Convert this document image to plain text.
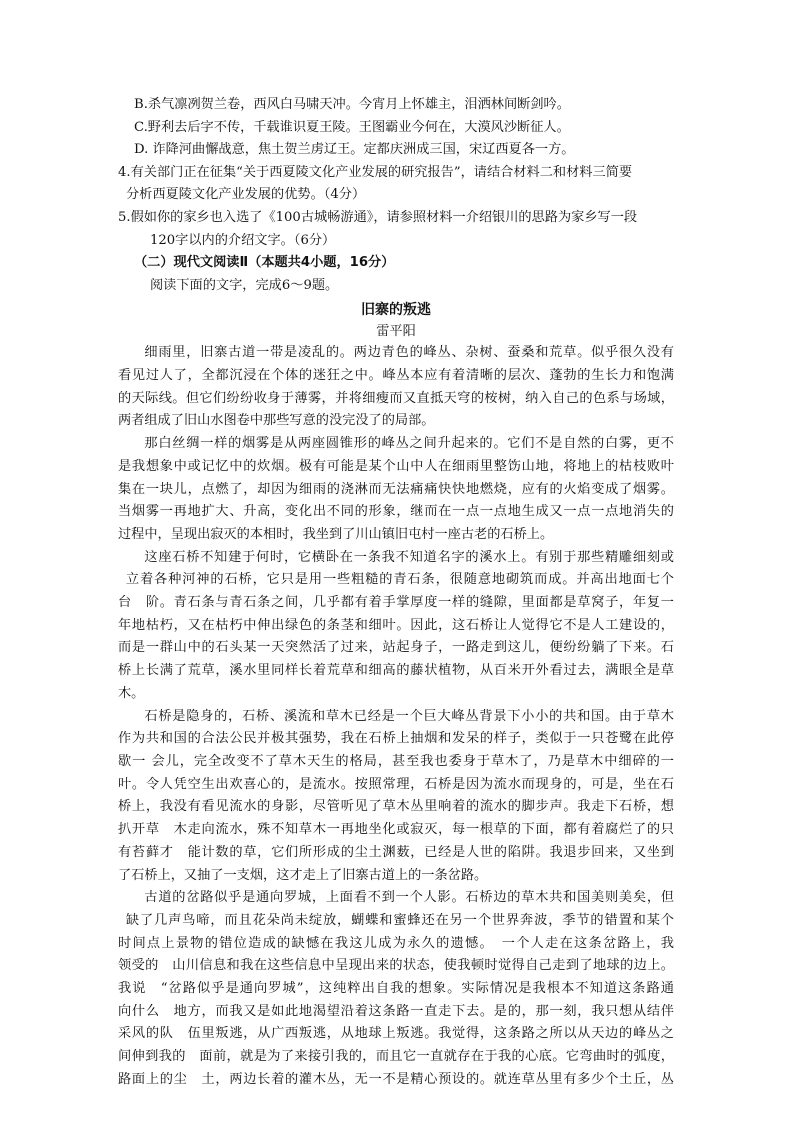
B.杀气凛冽贺兰卷，西风白马啸天冲。今宵月上怀雄主，泪洒林间断剑吟。
C.野利去后字不传，千载谁识夏王陵。王图霸业今何在，大漠风沙断征人。
D. 诈降河曲懈战意，焦土贺兰虏辽王。定都庆洲成三国，宋辽西夏各一方。
4.有关部门正在征集“关于西夏陵文化产业发展的研究报告”，请结合材料二和材料三简要
分析西夏陵文化产业发展的优势。（4分）
5.假如你的家乡也入选了《100古城畅游通》，请参照材料一介绍银川的思路为家乡写一段
120字以内的介绍文字。（6分）
（二）现代文阅读Ⅱ（本题共4小题，16分）
阅读下面的文字，完成6～9题。
旧寨的叛逃
雷平阳

细雨里，旧寨古道一带是凌乱的。两边青色的峰丛、杂树、蚕桑和荒草。似乎很久没有
看见过人了，全都沉浸在个体的迷狂之中。峰丛本应有着清晰的层次、蓬勃的生长力和饱满
的天际线。但它们纷纷收身于薄雾，并将细瘦而又直抵天穹的桉树，纳入自己的色系与场域，
两者组成了旧山水图卷中那些写意的没完没了的局部。

那白丝绸一样的烟雾是从两座圆锥形的峰丛之间升起来的。它们不是自然的白雾，更不
是我想象中或记忆中的炊烟。极有可能是某个山中人在细雨里整饬山地，将地上的枯枝败叶
集在一块儿，点燃了，却因为细雨的浇淋而无法痛痛快快地燃烧，应有的火焰变成了烟雾。
当烟雾一再地扩大、升高，变化出不同的形象，继而在一点一点地生成又一点一点地消失的
过程中，呈现出寂灭的本相时，我坐到了川山镇旧屯村一座古老的石桥上。

这座石桥不知建于何时，它横卧在一条我不知道名字的溪水上。有别于那些精雕细刻或
立着各种河神的石桥，它只是用一些粗糙的青石条，很随意地砌筑而成。并高出地面七个
台　阶。青石条与青石条之间，几乎都有着手掌厚度一样的缝隙，里面都是草窝子，年复一
年地枯朽，又在枯朽中伸出绿色的条茎和细叶。因此，这石桥让人觉得它不是人工建设的，
而是一群山中的石头某一天突然活了过来，站起身子，一路走到这儿，便纷纷躺了下来。石
桥上长满了荒草，溪水里同样长着荒草和细高的藤状植物，从百米开外看过去，满眼全是草
木。

石桥是隐身的，石桥、溪流和草木已经是一个巨大峰丛背景下小小的共和国。由于草木
作为共和国的合法公民并极其强势，我在石桥上抽烟和发呆的样子，类似于一只苍鹭在此停
歇一 会儿，完全改变不了草木天生的格局，甚至我也委身于草木了，乃是草木中细碎的一
叶。令人凭空生出欢喜心的，是流水。按照常理，石桥是因为流水而现身的，可是，坐在石
桥上，我没有看见流水的身影，尽管听见了草木丛里响着的流水的脚步声。我走下石桥，想
扒开草　木走向流水，殊不知草木一再地坐化或寂灭，每一根草的下面，都有着腐烂了的只
有苔藓才　能计数的草，它们所形成的尘土渊薮，已经是人世的陷阱。我退步回来，又坐到
了石桥上，又抽了一支烟，这才走上了旧寨古道上的一条岔路。

古道的岔路似乎是通向罗城，上面看不到一个人影。石桥边的草木共和国美则美矣，但
缺了几声鸟啼，而且花朵尚未绽放，蝴蝶和蜜蜂还在另一个世界奔波，季节的错置和某个
时间点上景物的错位造成的缺憾在我这儿成为永久的遗憾。　一个人走在这条岔路上，我
领受的　山川信息和我在这些信息中呈现出来的状态，使我顿时觉得自己走到了地球的边上。
我说　“岔路似乎是通向罗城”，这纯粹出自我的想象。实际情况是我根本不知道这条路通
向什么　地方，而我又是如此地渴望沿着这条路一直走下去。是的，那一刻，我只想从结伴
采风的队　伍里叛逃，从广西叛逃，从地球上叛逃。我觉得，这条路之所以从天边的峰丛之
间伸到我的　面前，就是为了来接引我的，而且它一直就存在于我的心底。它弯曲时的弧度，
路面上的尘　土，两边长着的灌木丛，无一不是精心预设的。就连草丛里有多少个土丘，丛
